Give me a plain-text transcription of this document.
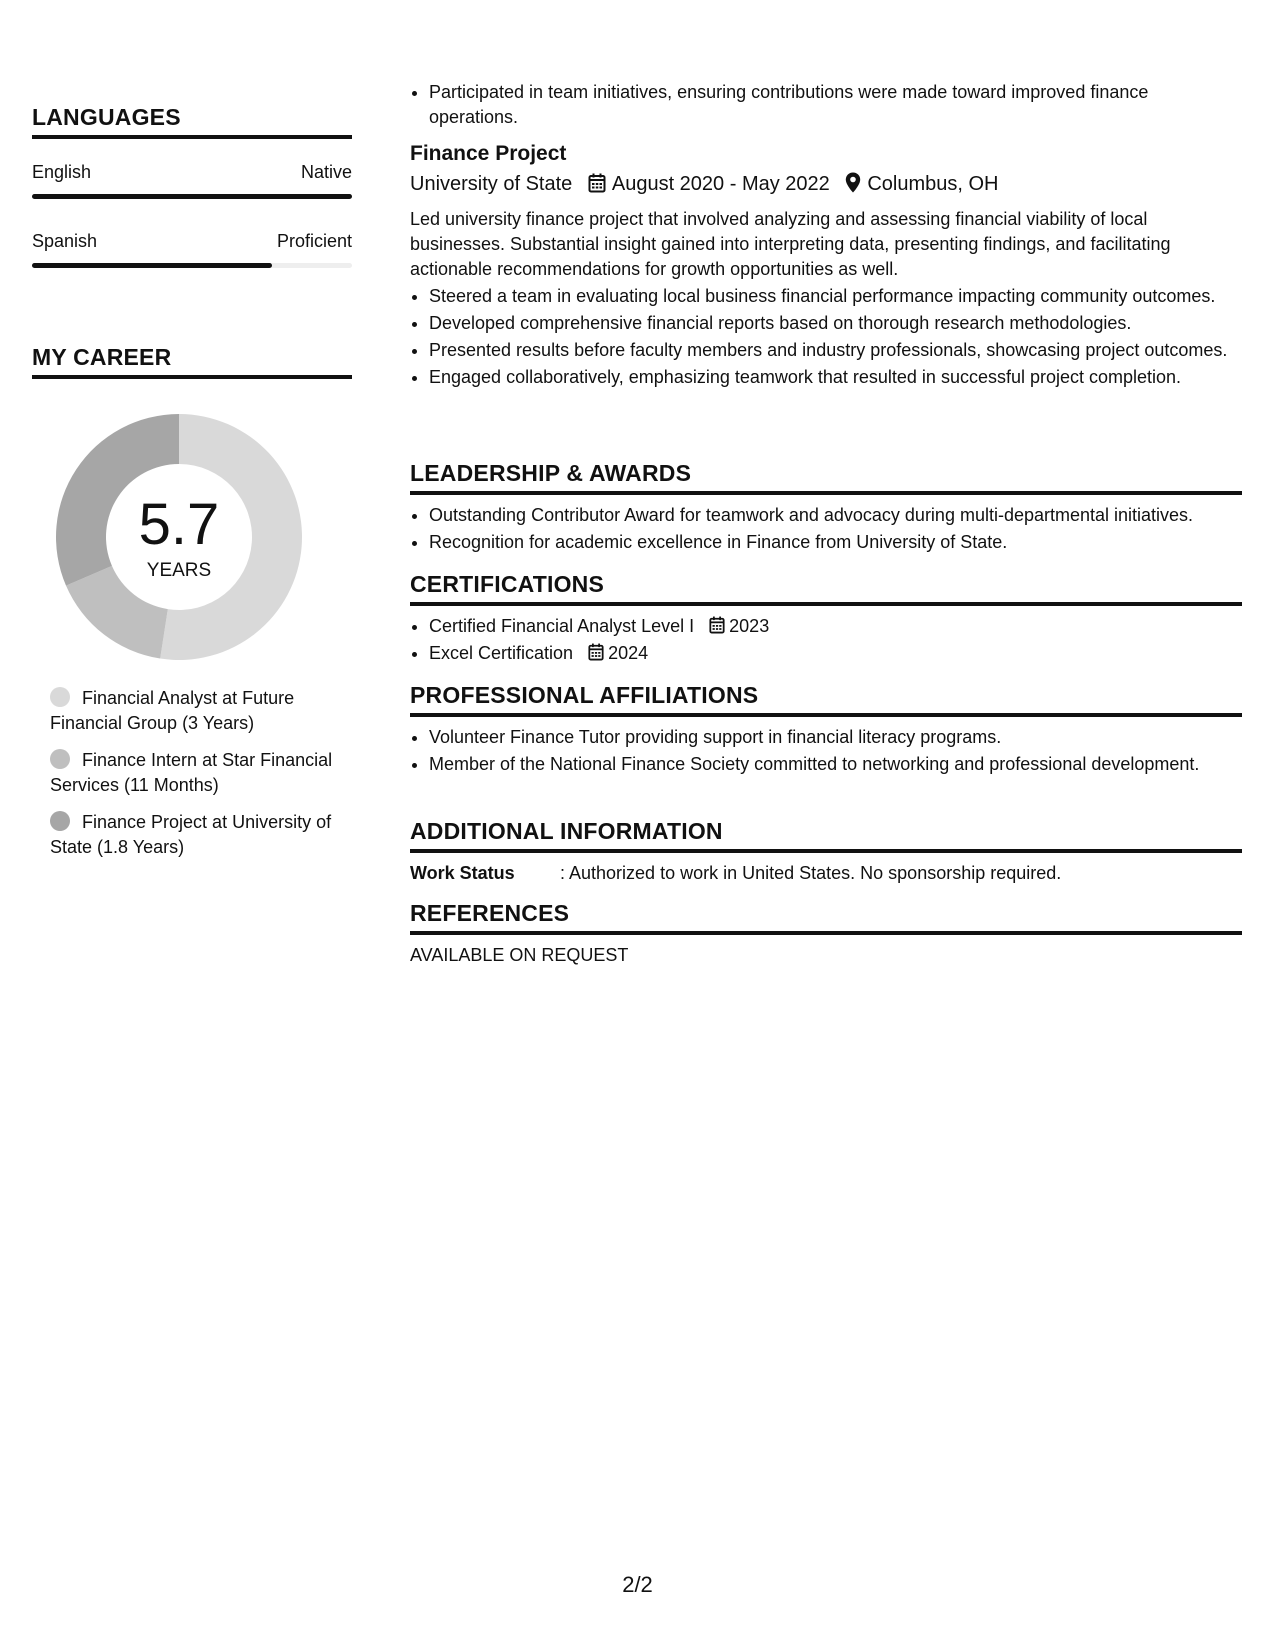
LANGUAGES
English	Native
Spanish	Proficient
MY CAREER
5.7
YEARS
Financial Analyst at Future Financial Group (3 Years)
Finance Intern at Star Financial Services (11 Months)
Finance Project at University of State (1.8 Years)
• Participated in team initiatives, ensuring contributions were made toward improved finance operations.
Finance Project
University of State August 2020 - May 2022 Columbus, OH
Led university finance project that involved analyzing and assessing financial viability of local businesses. Substantial insight gained into interpreting data, presenting findings, and facilitating actionable recommendations for growth opportunities as well.
• Steered a team in evaluating local business financial performance impacting community outcomes.
• Developed comprehensive financial reports based on thorough research methodologies.
• Presented results before faculty members and industry professionals, showcasing project outcomes.
• Engaged collaboratively, emphasizing teamwork that resulted in successful project completion.
LEADERSHIP & AWARDS
• Outstanding Contributor Award for teamwork and advocacy during multi-departmental initiatives.
• Recognition for academic excellence in Finance from University of State.
CERTIFICATIONS
• Certified Financial Analyst Level I 2023
• Excel Certification 2024
PROFESSIONAL AFFILIATIONS
• Volunteer Finance Tutor providing support in financial literacy programs.
• Member of the National Finance Society committed to networking and professional development.
ADDITIONAL INFORMATION
Work Status	: Authorized to work in United States. No sponsorship required.
REFERENCES
AVAILABLE ON REQUEST
2/2
